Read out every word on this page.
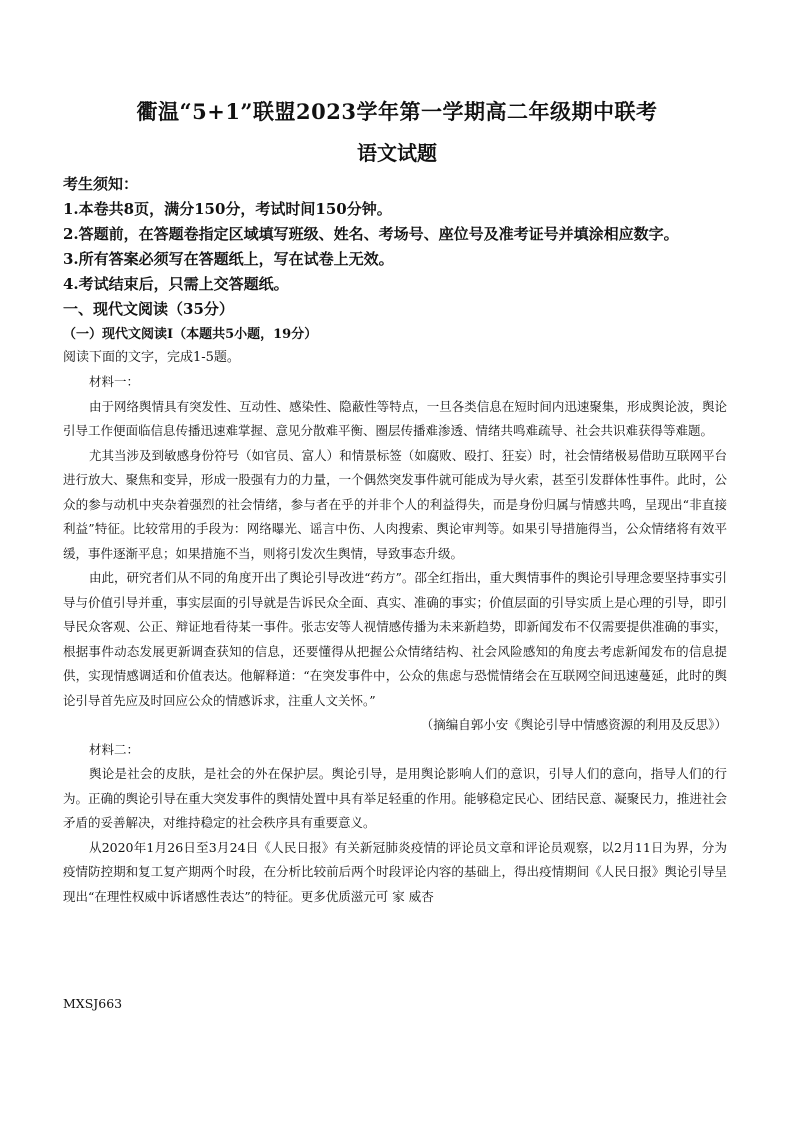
衢温“5+1”联盟2023学年第一学期高二年级期中联考
语文试题
考生须知：
1.本卷共8页，满分150分，考试时间150分钟。
2.答题前，在答题卷指定区域填写班级、姓名、考场号、座位号及准考证号并填涂相应数字。
3.所有答案必须写在答题纸上，写在试卷上无效。
4.考试结束后，只需上交答题纸。
一、现代文阅读（35分）
（一）现代文阅读Ⅰ（本题共5小题，19分）
阅读下面的文字，完成1-5题。
材料一：

由于网络舆情具有突发性、互动性、感染性、隐蔽性等特点，一旦各类信息在短时间内迅速聚集，形成舆论波，舆论引导工作便面临信息传播迅速难掌握、意见分散难平衡、圈层传播难渗透、情绪共鸣难疏导、社会共识难获得等难题。

尤其当涉及到敏感身份符号（如官员、富人）和情景标签（如腐败、殴打、狂妄）时，社会情绪极易借助互联网平台进行放大、聚焦和变异，形成一股强有力的力量，一个偶然突发事件就可能成为导火索，甚至引发群体性事件。此时，公众的参与动机中夹杂着强烈的社会情绪，参与者在乎的并非个人的利益得失，而是身份归属与情感共鸣，呈现出“非直接利益”特征。比较常用的手段为：网络曝光、谣言中伤、人肉搜索、舆论审判等。如果引导措施得当，公众情绪将有效平缓，事件逐渐平息；如果措施不当，则将引发次生舆情，导致事态升级。

由此，研究者们从不同的角度开出了舆论引导改进“药方”。邵全红指出，重大舆情事件的舆论引导理念要坚持事实引导与价值引导并重，事实层面的引导就是告诉民众全面、真实、准确的事实；价值层面的引导实质上是心理的引导，即引导民众客观、公正、辩证地看待某一事件。张志安等人视情感传播为未来新趋势，即新闻发布不仅需要提供准确的事实，根据事件动态发展更新调查获知的信息，还要懂得从把握公众情绪结构、社会风险感知的角度去考虑新闻发布的信息提供，实现情感调适和价值表达。他解释道：“在突发事件中，公众的焦虑与恐慌情绪会在互联网空间迅速蔓延，此时的舆论引导首先应及时回应公众的情感诉求，注重人文关怀。”

（摘编自郭小安《舆论引导中情感资源的利用及反思》）
材料二：

舆论是社会的皮肤，是社会的外在保护层。舆论引导，是用舆论影响人们的意识，引导人们的意向，指导人们的行为。正确的舆论引导在重大突发事件的舆情处置中具有举足轻重的作用。能够稳定民心、团结民意、凝聚民力，推进社会矛盾的妥善解决，对维持稳定的社会秩序具有重要意义。

从2020年1月26日至3月24日《人民日报》有关新冠肺炎疫情的评论员文章和评论员观察，以2月11日为界，分为疫情防控期和复工复产期两个时段，在分析比较前后两个时段评论内容的基础上，得出疫情期间《人民日报》舆论引导呈现出“在理性权威中诉诸感性表达”的特征。更多优质滋元可 家 威杏

MXSJ663
